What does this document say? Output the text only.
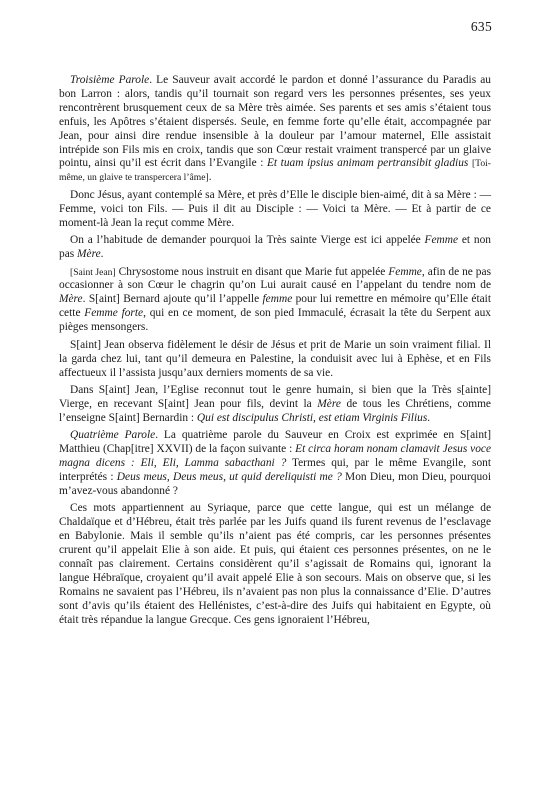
635

Troisième Parole. Le Sauveur avait accordé le pardon et donné l’assurance du Paradis au bon Larron : alors, tandis qu’il tournait son regard vers les personnes présentes, ses yeux rencontrèrent brusquement ceux de sa Mère très aimée. Ses parents et ses amis s’étaient tous enfuis, les Apôtres s’étaient dispersés. Seule, en femme forte qu’elle était, accompagnée par Jean, pour ainsi dire rendue insensible à la douleur par l’amour maternel, Elle assistait intrépide son Fils mis en croix, tandis que son Cœur restait vraiment transpercé par un glaive pointu, ainsi qu’il est écrit dans l’Evangile : Et tuam ipsius animam pertransibit gladius [Toi-même, un glaive te transpercera l’âme].

Donc Jésus, ayant contemplé sa Mère, et près d’Elle le disciple bien-aimé, dit à sa Mère : — Femme, voici ton Fils. — Puis il dit au Disciple : — Voici ta Mère. — Et à partir de ce moment-là Jean la reçut comme Mère.

On a l’habitude de demander pourquoi la Très sainte Vierge est ici appelée Femme et non pas Mère.

[Saint Jean] Chrysostome nous instruit en disant que Marie fut appelée Femme, afin de ne pas occasionner à son Cœur le chagrin qu’on Lui aurait causé en l’appelant du tendre nom de Mère. S[aint] Bernard ajoute qu’il l’appelle femme pour lui remettre en mémoire qu’Elle était cette Femme forte, qui en ce moment, de son pied Immaculé, écrasait la tête du Serpent aux pièges mensongers.

S[aint] Jean observa fidèlement le désir de Jésus et prit de Marie un soin vraiment filial. Il la garda chez lui, tant qu’il demeura en Palestine, la conduisit avec lui à Ephèse, et en Fils affectueux il l’assista jusqu’aux derniers moments de sa vie.

Dans S[aint] Jean, l’Eglise reconnut tout le genre humain, si bien que la Très s[ainte] Vierge, en recevant S[aint] Jean pour fils, devint la Mère de tous les Chrétiens, comme l’enseigne S[aint] Bernardin : Qui est discipulus Christi, est etiam Virginis Filius.

Quatrième Parole. La quatrième parole du Sauveur en Croix est exprimée en S[aint] Matthieu (Chap[itre] XXVII) de la façon suivante : Et circa horam nonam clamavit Jesus voce magna dicens : Eli, Eli, Lamma sabacthani ? Termes qui, par le même Evangile, sont interprétés : Deus meus, Deus meus, ut quid dereliquisti me ? Mon Dieu, mon Dieu, pourquoi m’avez-vous abandonné ?

Ces mots appartiennent au Syriaque, parce que cette langue, qui est un mélange de Chaldaïque et d’Hébreu, était très parlée par les Juifs quand ils furent revenus de l’esclavage en Babylonie. Mais il semble qu’ils n’aient pas été compris, car les personnes présentes crurent qu’il appelait Elie à son aide. Et puis, qui étaient ces personnes présentes, on ne le connaît pas clairement. Certains considèrent qu’il s’agissait de Romains qui, ignorant la langue Hébraïque, croyaient qu’il avait appelé Elie à son secours. Mais on observe que, si les Romains ne savaient pas l’Hébreu, ils n’avaient pas non plus la connaissance d’Elie. D’autres sont d’avis qu’ils étaient des Hellénistes, c’est-à-dire des Juifs qui habitaient en Egypte, où était très répandue la langue Grecque. Ces gens ignoraient l’Hébreu,
